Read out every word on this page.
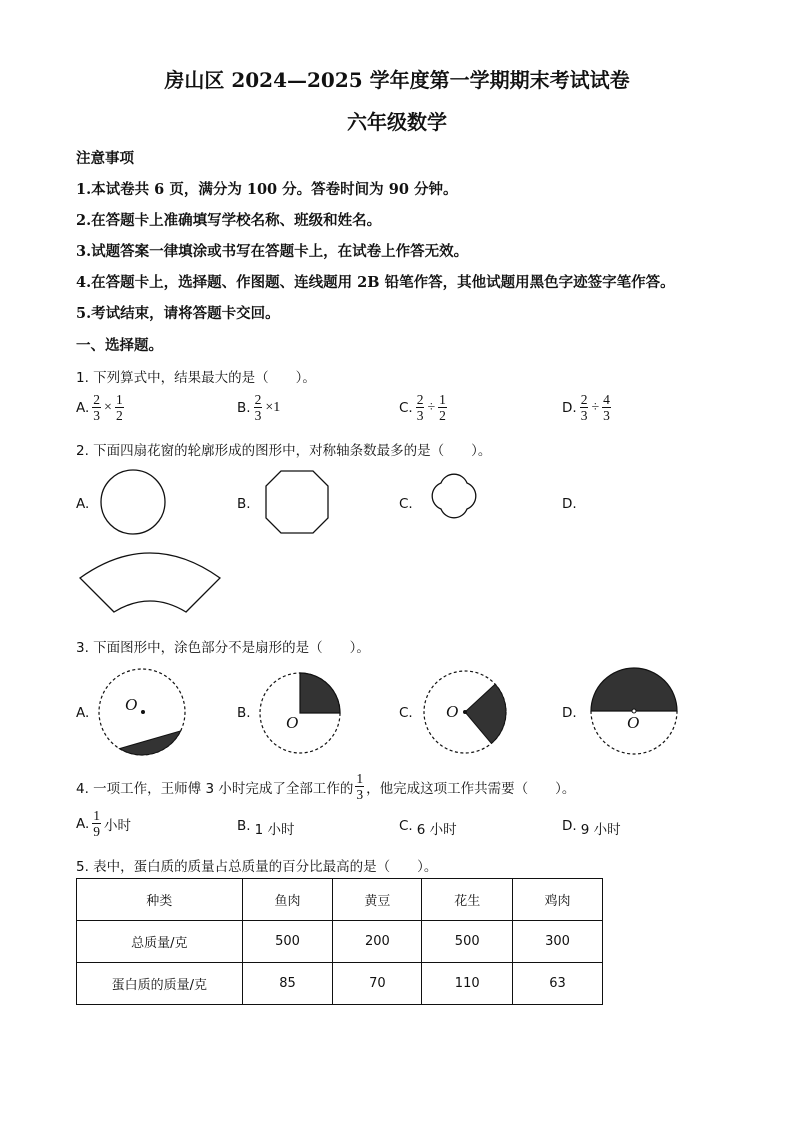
房山区 2024—2025 学年度第一学期期末考试试卷
六年级数学
注意事项
1.本试卷共 6 页，满分为 100 分。答卷时间为 90 分钟。
2.在答题卡上准确填写学校名称、班级和姓名。
3.试题答案一律填涂或书写在答题卡上，在试卷上作答无效。
4.在答题卡上，选择题、作图题、连线题用 2B 铅笔作答，其他试题用黑色字迹签字笔作答。
5.考试结束，请将答题卡交回。
一、选择题。
1. 下列算式中，结果最大的是（　　）。
A. $\frac{2}{3} \times \frac{1}{2}$	B. $\frac{2}{3} \times 1$	C. $\frac{2}{3} \div \frac{1}{2}$	D. $\frac{2}{3} \div \frac{4}{3}$
2. 下面四扇花窗的轮廓形成的图形中，对称轴条数最多的是（　　）。
A.	B.	C.	D.
3. 下面图形中，涂色部分不是扇形的是（　　）。
A.	B.	C.	D.
O
O
O
O
4. 一项工作，王师傅 3 小时完成了全部工作的 $\frac{1}{3}$ ，他完成这项工作共需要（　　）。
A. $\frac{1}{9}$ 小时	B. 1 小时	C. 6 小时	D. 9 小时
5. 表中，蛋白质的质量占总质量的百分比最高的是（　　）。
种类	鱼肉	黄豆	花生	鸡肉
总质量/克	500	200	500	300
蛋白质的质量/克	85	70	110	63
